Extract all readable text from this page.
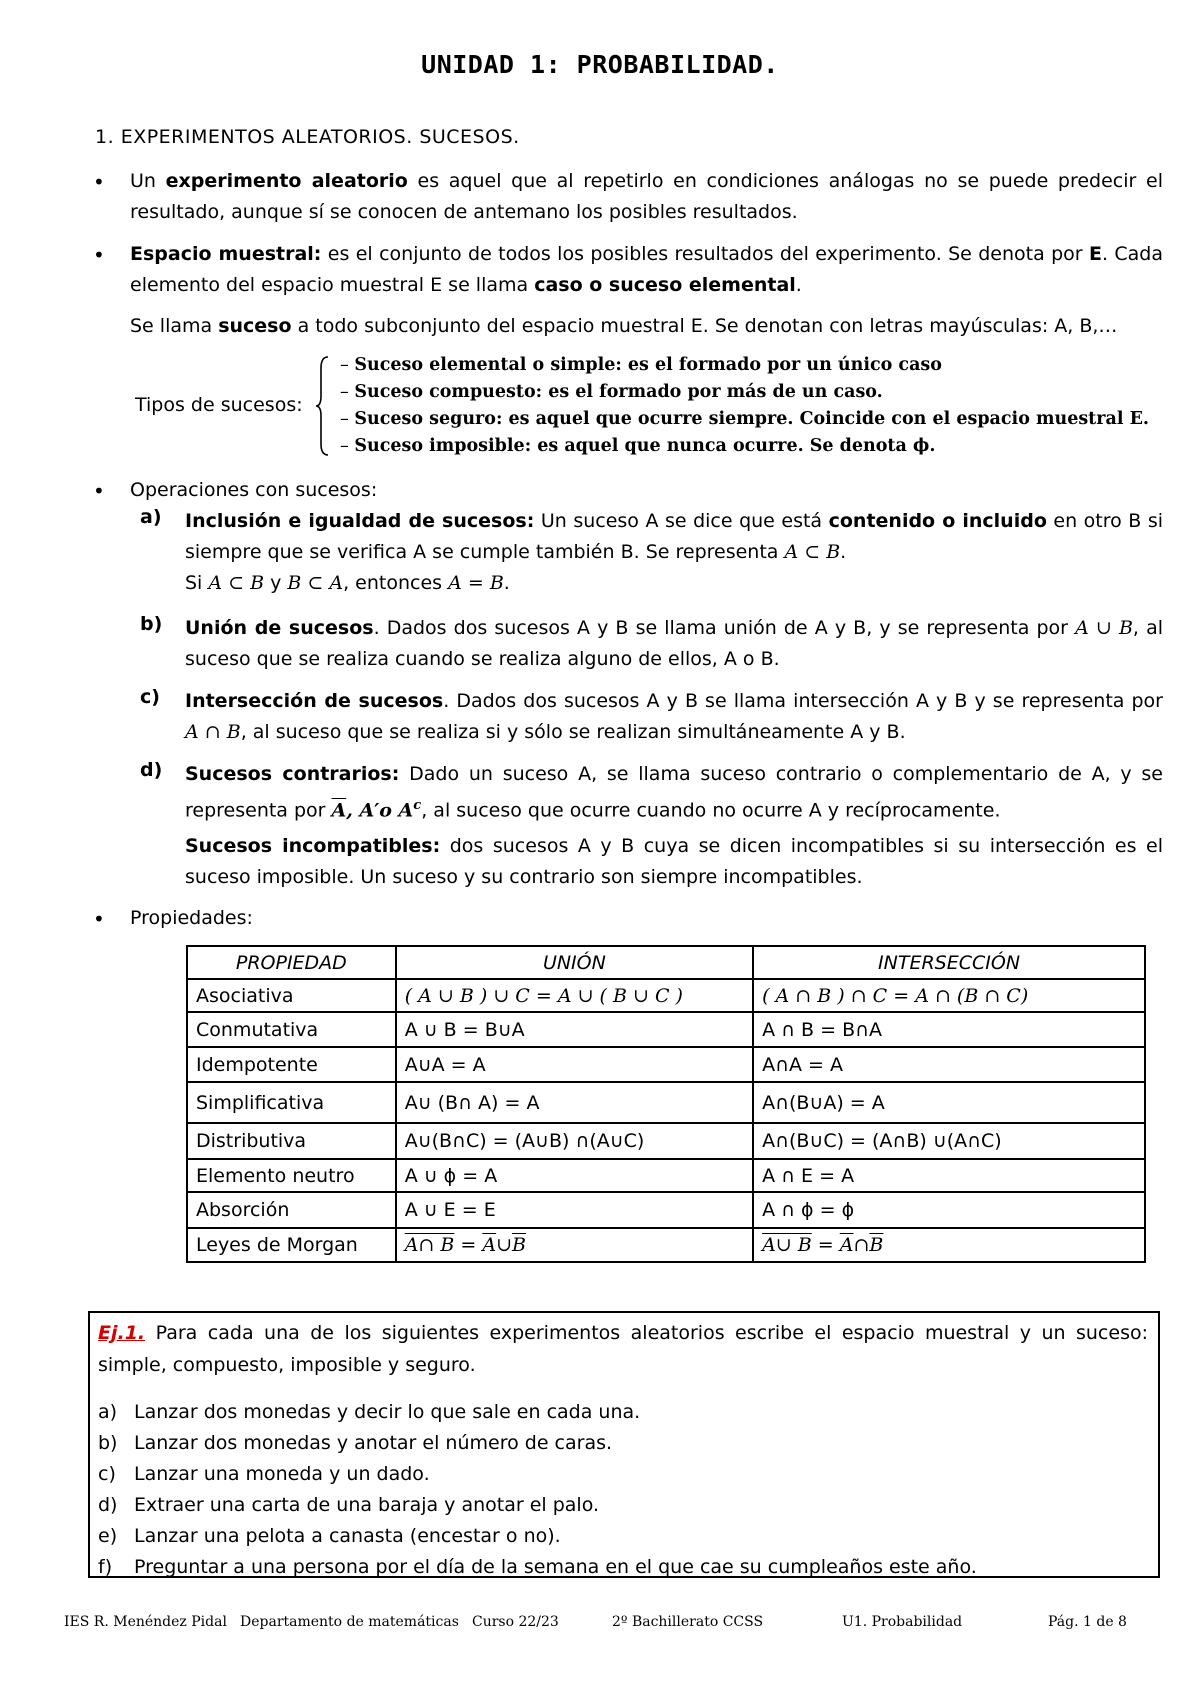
UNIDAD 1: PROBABILIDAD.
1. EXPERIMENTOS ALEATORIOS. SUCESOS.
• Un experimento aleatorio es aquel que al repetirlo en condiciones análogas no se puede predecir el resultado, aunque sí se conocen de antemano los posibles resultados.
• Espacio muestral: es el conjunto de todos los posibles resultados del experimento. Se denota por E. Cada elemento del espacio muestral E se llama caso o suceso elemental.
Se llama suceso a todo subconjunto del espacio muestral E. Se denotan con letras mayúsculas: A, B,…
Tipos de sucesos:
– Suceso elemental o simple: es el formado por un único caso
– Suceso compuesto: es el formado por más de un caso.
– Suceso seguro: es aquel que ocurre siempre. Coincide con el espacio muestral E.
– Suceso imposible: es aquel que nunca ocurre. Se denota ϕ.
• Operaciones con sucesos:
a) Inclusión e igualdad de sucesos: Un suceso A se dice que está contenido o incluido en otro B si siempre que se verifica A se cumple también B. Se representa A ⊂ B.
Si A ⊂ B y B ⊂ A, entonces A = B.
b) Unión de sucesos. Dados dos sucesos A y B se llama unión de A y B, y se representa por A ∪ B, al suceso que se realiza cuando se realiza alguno de ellos, A o B.
c) Intersección de sucesos. Dados dos sucesos A y B se llama intersección A y B y se representa por A ∩ B, al suceso que se realiza si y sólo se realizan simultáneamente A y B.
d) Sucesos contrarios: Dado un suceso A, se llama suceso contrario o complementario de A, y se representa por $\overline{A}$, A′o $A^c$, al suceso que ocurre cuando no ocurre A y recíprocamente.
Sucesos incompatibles: dos sucesos A y B cuya se dicen incompatibles si su intersección es el suceso imposible. Un suceso y su contrario son siempre incompatibles.
• Propiedades:
PROPIEDAD	UNIÓN	INTERSECCIÓN
Asociativa	( A ∪ B ) ∪ C = A ∪ ( B ∪ C )	( A ∩ B ) ∩ C = A ∩ (B ∩ C)
Conmutativa	A ∪ B = B∪A	A ∩ B = B∩A
Idempotente	A∪A = A	A∩A = A
Simplificativa	A∪ (B∩ A) = A	A∩(B∪A) = A
Distributiva	A∪(B∩C) = (A∪B) ∩(A∪C)	A∩(B∪C) = (A∩B) ∪(A∩C)
Elemento neutro	A ∪ ϕ = A	A ∩ E = A
Absorción	A ∪ E = E	A ∩ ϕ = ϕ
Leyes de Morgan	A∩ $B = \overline{A}\cup\overline{B}$	A∪ $B = \overline{A}\cap\overline{B}$
Ej.1. Para cada una de los siguientes experimentos aleatorios escribe el espacio muestral y un suceso: simple, compuesto, imposible y seguro.
a) Lanzar dos monedas y decir lo que sale en cada una.
b) Lanzar dos monedas y anotar el número de caras.
c) Lanzar una moneda y un dado.
d) Extraer una carta de una baraja y anotar el palo.
e) Lanzar una pelota a canasta (encestar o no).
f) Preguntar a una persona por el día de la semana en el que cae su cumpleaños este año.
IES R. Menéndez Pidal Departamento de matemáticas Curso 22/23	2º Bachillerato CCSS	U1. Probabilidad	Pág. 1 de 8
